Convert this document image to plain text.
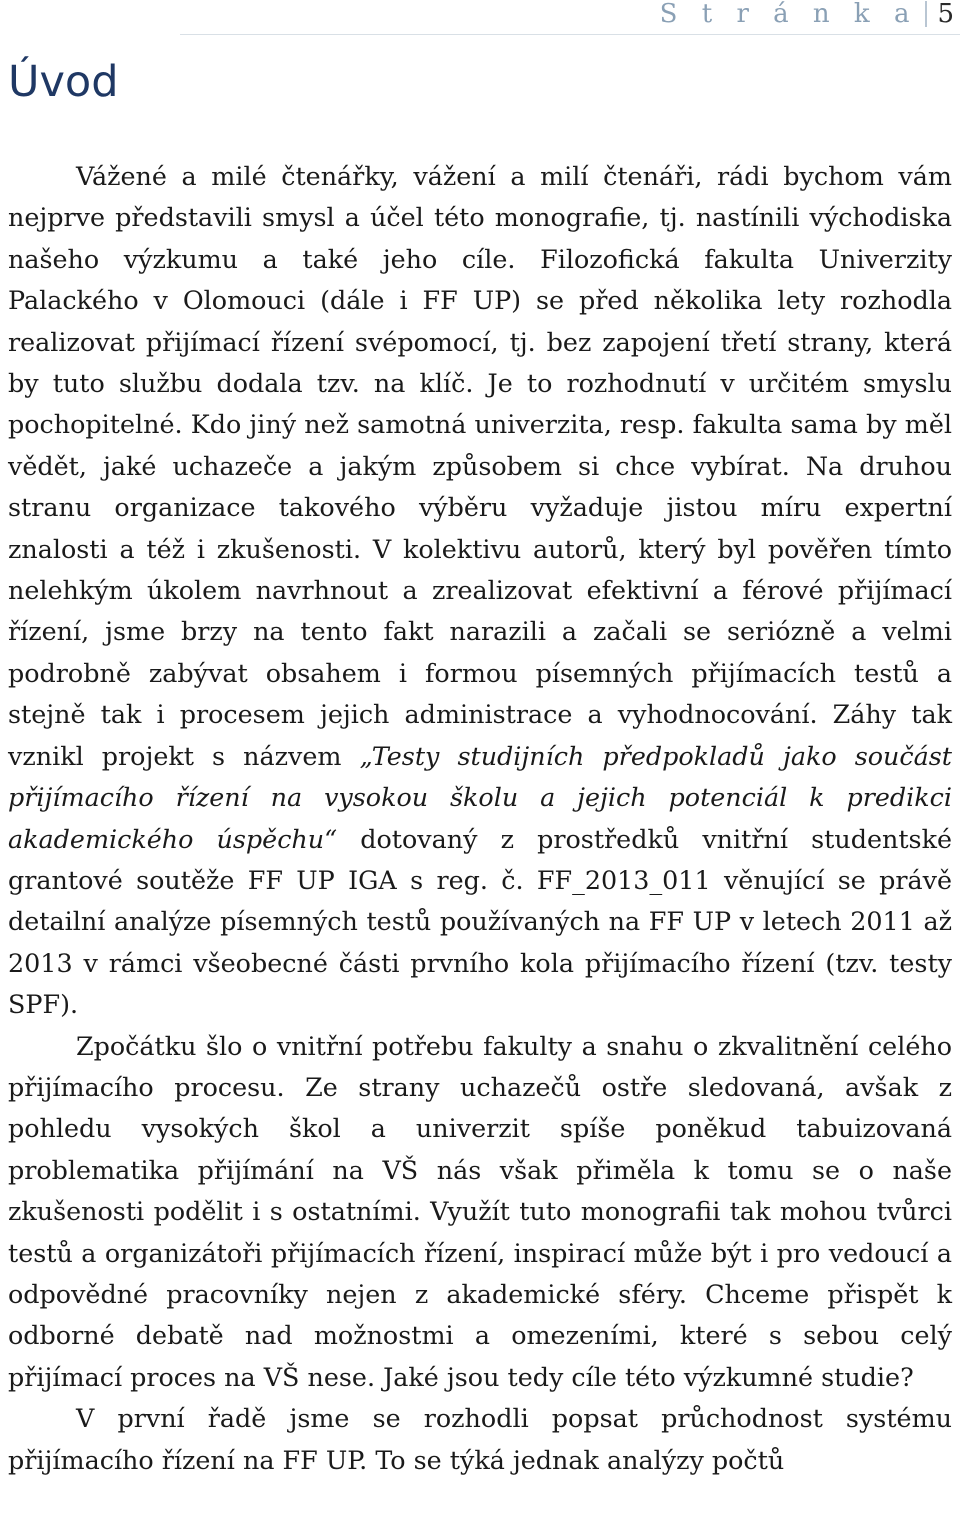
S t r á n k a 5
Úvod

Vážené a milé čtenářky, vážení a milí čtenáři, rádi bychom vám nejprve představili smysl a účel této monografie, tj. nastínili východiska našeho výzkumu a také jeho cíle. Filozofická fakulta Univerzity Palackého v Olomouci (dále i FF UP) se před několika lety rozhodla realizovat přijímací řízení svépomocí, tj. bez zapojení třetí strany, která by tuto službu dodala tzv. na klíč. Je to rozhodnutí v určitém smyslu pochopitelné. Kdo jiný než samotná univerzita, resp. fakulta sama by měl vědět, jaké uchazeče a jakým způsobem si chce vybírat. Na druhou stranu organizace takového výběru vyžaduje jistou míru expertní znalosti a též i zkušenosti. V kolektivu autorů, který byl pověřen tímto nelehkým úkolem navrhnout a zrealizovat efektivní a férové přijímací řízení, jsme brzy na tento fakt narazili a začali se seriózně a velmi podrobně zabývat obsahem i formou písemných přijímacích testů a stejně tak i procesem jejich administrace a vyhodnocování. Záhy tak vznikl projekt s názvem „Testy studijních předpokladů jako součást přijímacího řízení na vysokou školu a jejich potenciál k predikci akademického úspěchu“ dotovaný z prostředků vnitřní studentské grantové soutěže FF UP IGA s reg. č. FF_2013_011 věnující se právě detailní analýze písemných testů používaných na FF UP v letech 2011 až 2013 v rámci všeobecné části prvního kola přijímacího řízení (tzv. testy SPF).

Zpočátku šlo o vnitřní potřebu fakulty a snahu o zkvalitnění celého přijímacího procesu. Ze strany uchazečů ostře sledovaná, avšak z pohledu vysokých škol a univerzit spíše poněkud tabuizovaná problematika přijímání na VŠ nás však přiměla k tomu se o naše zkušenosti podělit i s ostatními. Využít tuto monografii tak mohou tvůrci testů a organizátoři přijímacích řízení, inspirací může být i pro vedoucí a odpovědné pracovníky nejen z akademické sféry. Chceme přispět k odborné debatě nad možnostmi a omezeními, které s sebou celý přijímací proces na VŠ nese. Jaké jsou tedy cíle této výzkumné studie?

V první řadě jsme se rozhodli popsat průchodnost systému přijímacího řízení na FF UP. To se týká jednak analýzy počtů
